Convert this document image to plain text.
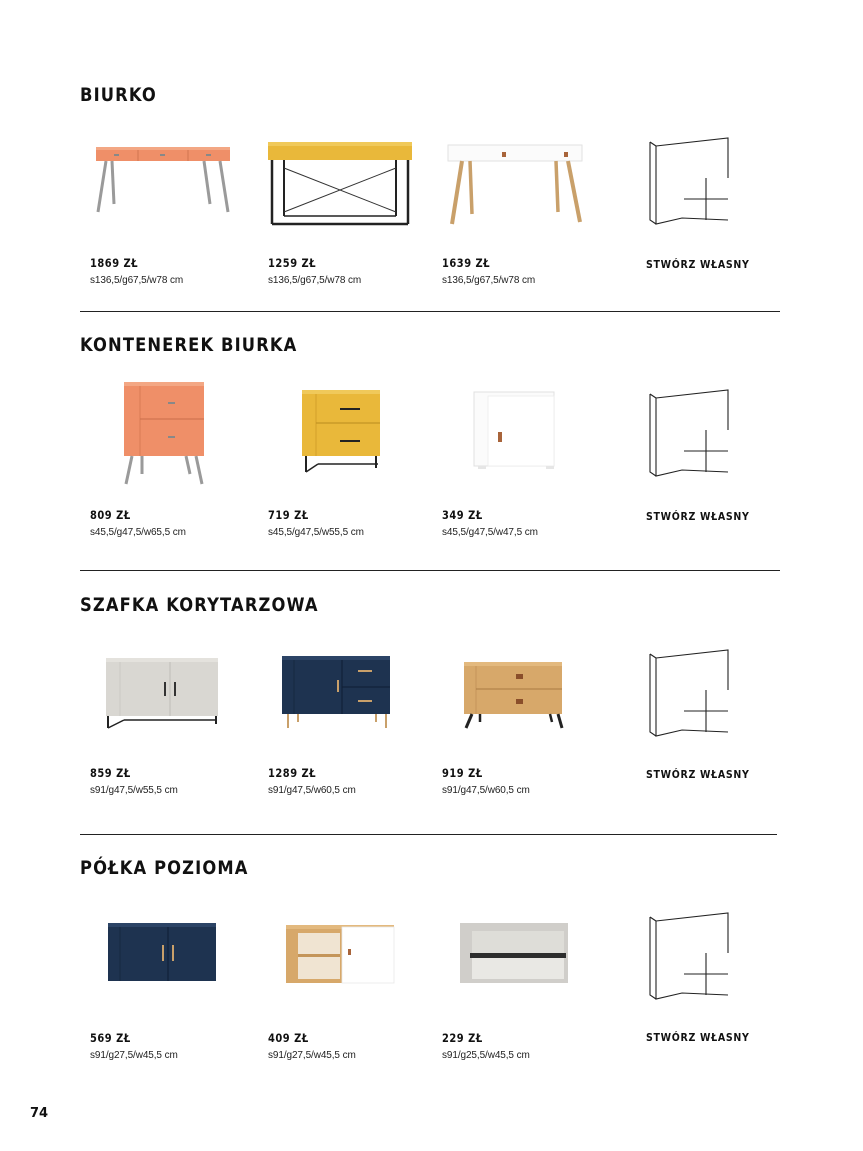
BIURKO
1869 ZŁ
s136,5/g67,5/w78 cm
1259 ZŁ
s136,5/g67,5/w78 cm
1639 ZŁ
s136,5/g67,5/w78 cm
STWÓRZ WŁASNY
KONTENEREK BIURKA
809 ZŁ
s45,5/g47,5/w65,5 cm
719 ZŁ
s45,5/g47,5/w55,5 cm
349 ZŁ
s45,5/g47,5/w47,5 cm
STWÓRZ WŁASNY
SZAFKA KORYTARZOWA
859 ZŁ
s91/g47,5/w55,5 cm
1289 ZŁ
s91/g47,5/w60,5 cm
919 ZŁ
s91/g47,5/w60,5 cm
STWÓRZ WŁASNY
PÓŁKA POZIOMA
569 ZŁ
s91/g27,5/w45,5 cm
409 ZŁ
s91/g27,5/w45,5 cm
229 ZŁ
s91/g25,5/w45,5 cm
STWÓRZ WŁASNY
74
